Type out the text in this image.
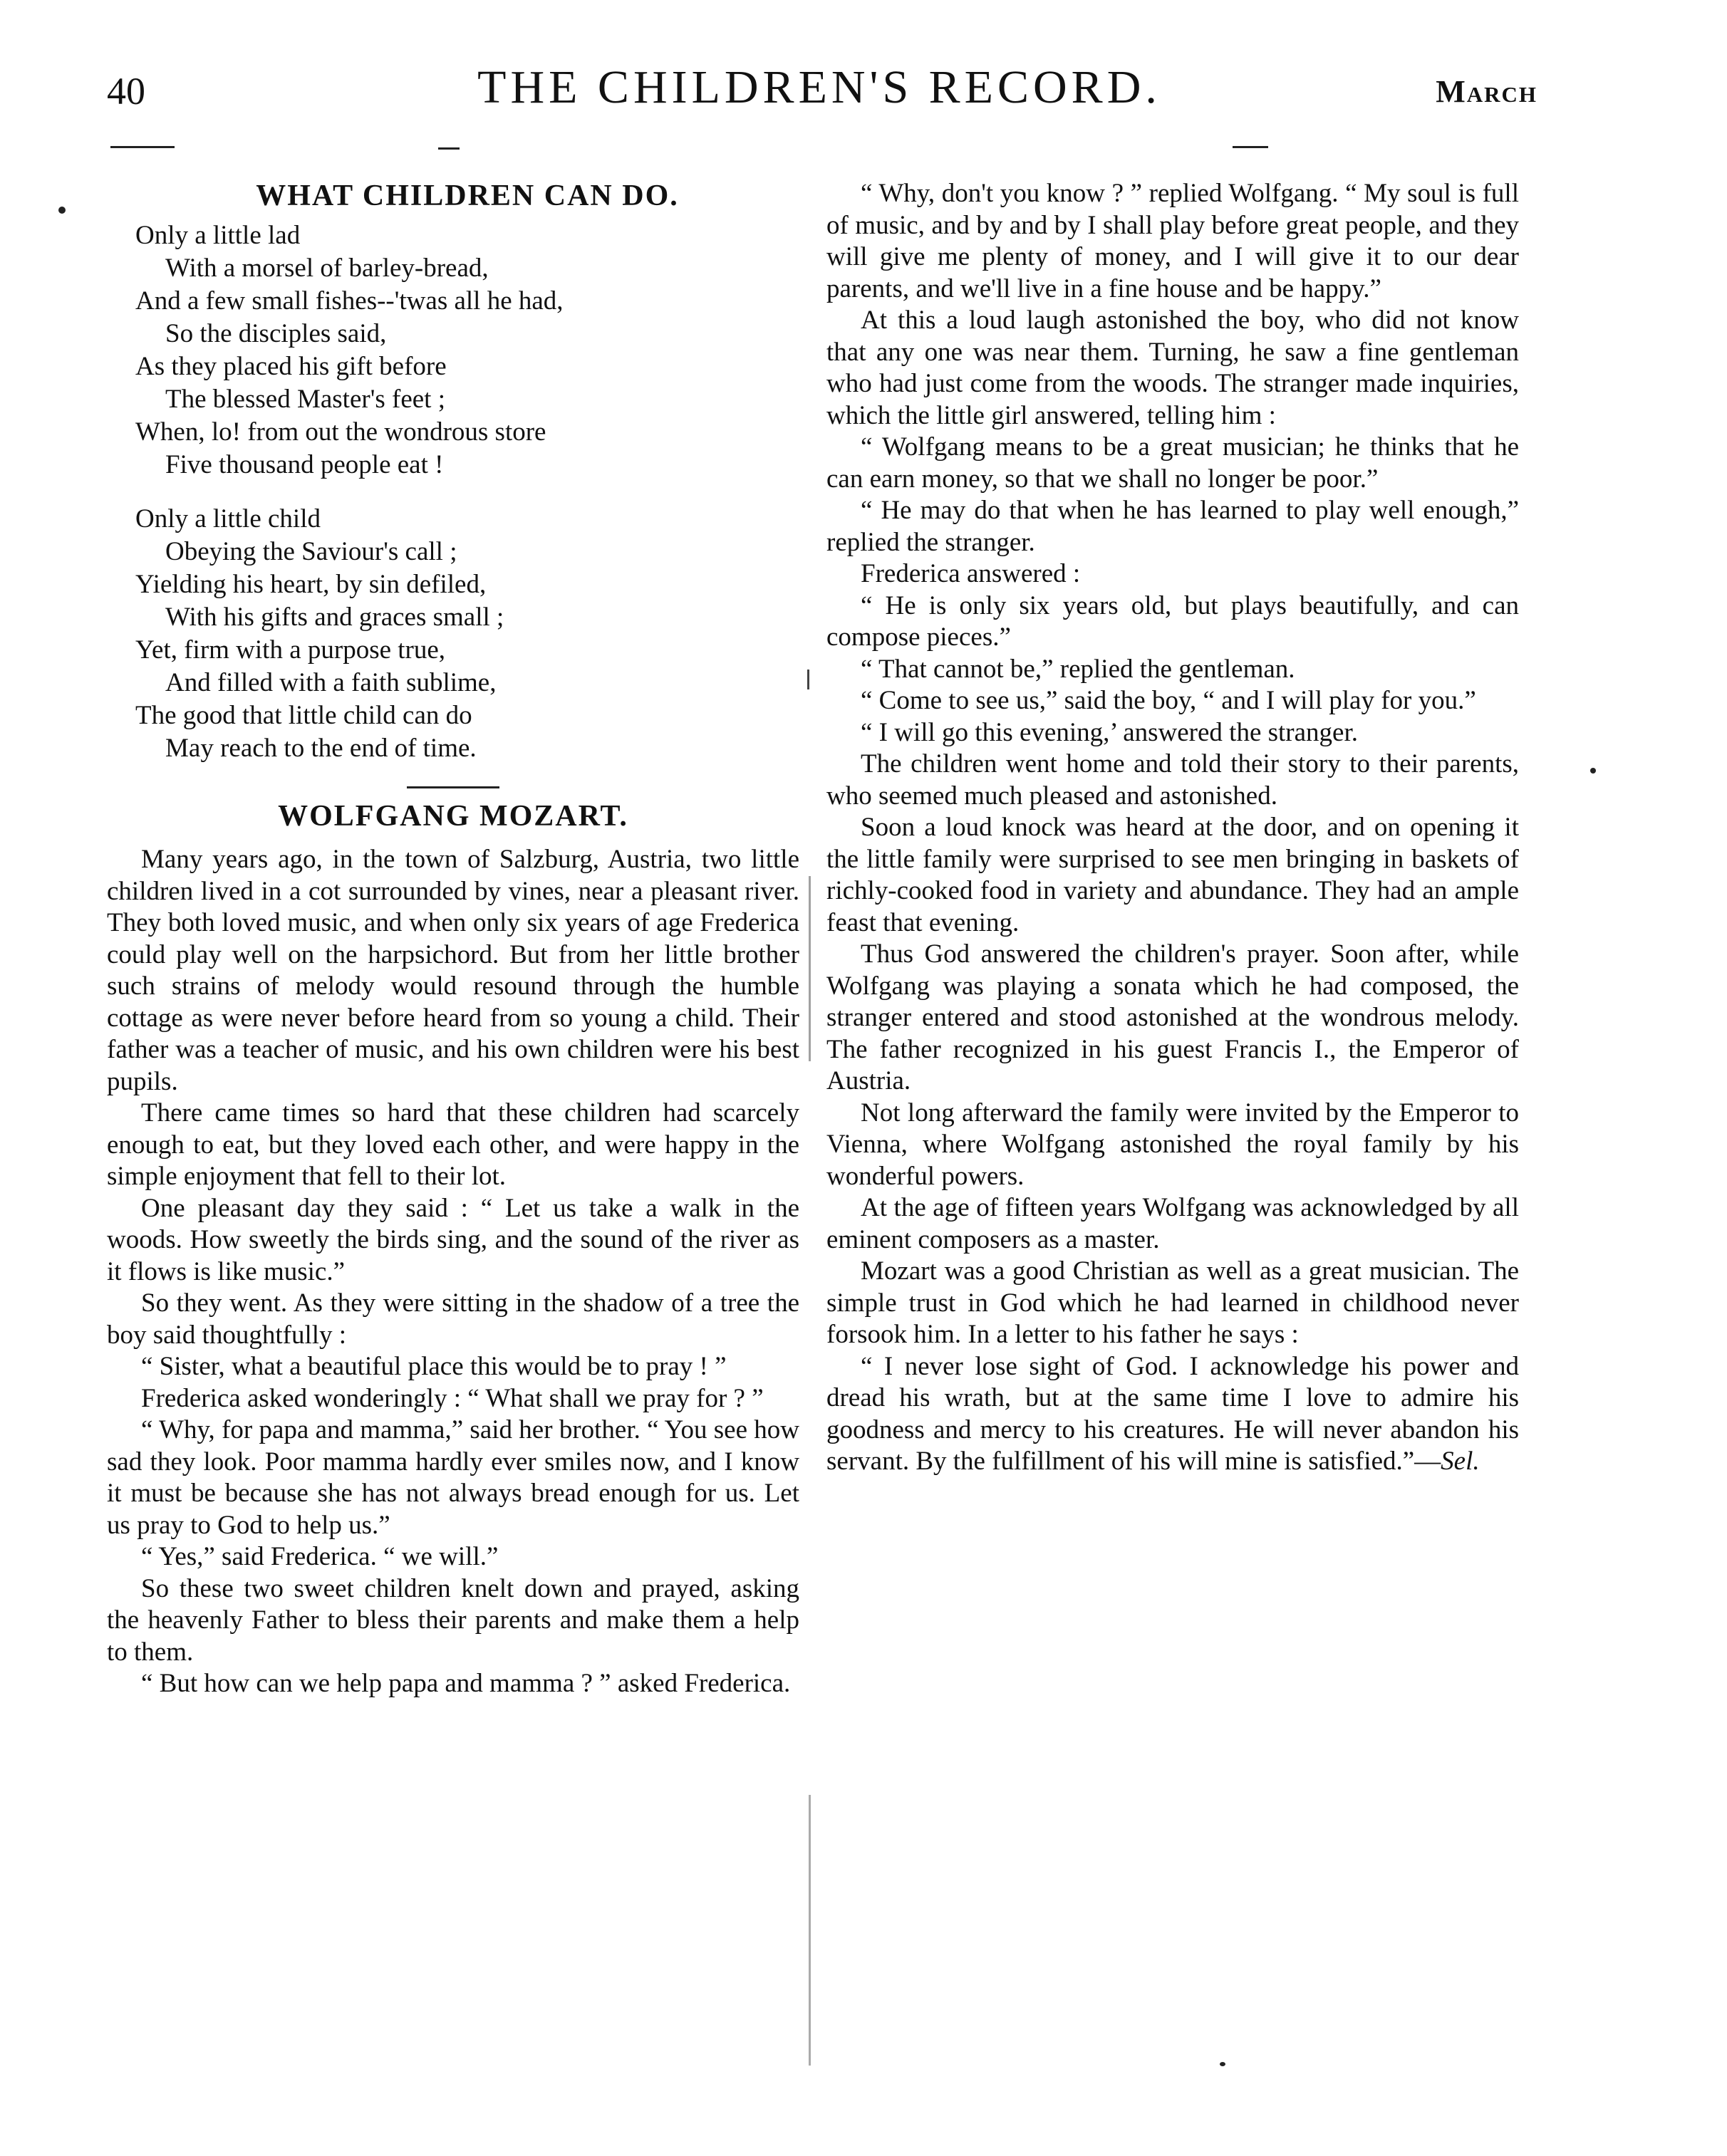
40	THE CHILDREN'S RECORD.	March
WHAT CHILDREN CAN DO.
Only a little lad
With a morsel of barley-bread,
And a few small fishes--'twas all he had,
So the disciples said,
As they placed his gift before
The blessed Master's feet ;
When, lo! from out the wondrous store
Five thousand people eat !
Only a little child
Obeying the Saviour's call ;
Yielding his heart, by sin defiled,
With his gifts and graces small ;
Yet, firm with a purpose true,
And filled with a faith sublime,
The good that little child can do
May reach to the end of time.
WOLFGANG MOZART.

Many years ago, in the town of Salzburg, Austria, two little children lived in a cot surrounded by vines, near a pleasant river. They both loved music, and when only six years of age Frederica could play well on the harpsichord. But from her little brother such strains of melody would resound through the humble cottage as were never before heard from so young a child. Their father was a teacher of music, and his own children were his best pupils.

There came times so hard that these children had scarcely enough to eat, but they loved each other, and were happy in the simple enjoyment that fell to their lot.

One pleasant day they said : “ Let us take a walk in the woods. How sweetly the birds sing, and the sound of the river as it flows is like music.”

So they went. As they were sitting in the shadow of a tree the boy said thoughtfully :

“ Sister, what a beautiful place this would be to pray ! ”

Frederica asked wonderingly : “ What shall we pray for ? ”

“ Why, for papa and mamma,” said her brother. “ You see how sad they look. Poor mamma hardly ever smiles now, and I know it must be because she has not always bread enough for us. Let us pray to God to help us.”

“ Yes,” said Frederica. “ we will.”

So these two sweet children knelt down and prayed, asking the heavenly Father to bless their parents and make them a help to them.

“ But how can we help papa and mamma ? ” asked Frederica.

“ Why, don't you know ? ” replied Wolfgang. “ My soul is full of music, and by and by I shall play before great people, and they will give me plenty of money, and I will give it to our dear parents, and we'll live in a fine house and be happy.”

At this a loud laugh astonished the boy, who did not know that any one was near them. Turning, he saw a fine gentleman who had just come from the woods. The stranger made inquiries, which the little girl answered, telling him :

“ Wolfgang means to be a great musician; he thinks that he can earn money, so that we shall no longer be poor.”

“ He may do that when he has learned to play well enough,” replied the stranger.

Frederica answered :

“ He is only six years old, but plays beautifully, and can compose pieces.”

“ That cannot be,” replied the gentleman.

“ Come to see us,” said the boy, “ and I will play for you.”

“ I will go this evening,’ answered the stranger.

The children went home and told their story to their parents, who seemed much pleased and astonished.

Soon a loud knock was heard at the door, and on opening it the little family were surprised to see men bringing in baskets of richly-cooked food in variety and abundance. They had an ample feast that evening.

Thus God answered the children's prayer. Soon after, while Wolfgang was playing a sonata which he had composed, the stranger entered and stood astonished at the wondrous melody. The father recognized in his guest Francis I., the Emperor of Austria.

Not long afterward the family were invited by the Emperor to Vienna, where Wolfgang astonished the royal family by his wonderful powers.

At the age of fifteen years Wolfgang was acknowledged by all eminent composers as a master.

Mozart was a good Christian as well as a great musician. The simple trust in God which he had learned in childhood never forsook him. In a letter to his father he says :

“ I never lose sight of God. I acknowledge his power and dread his wrath, but at the same time I love to admire his goodness and mercy to his creatures. He will never abandon his servant. By the fulfillment of his will mine is satisfied.”—Sel.
